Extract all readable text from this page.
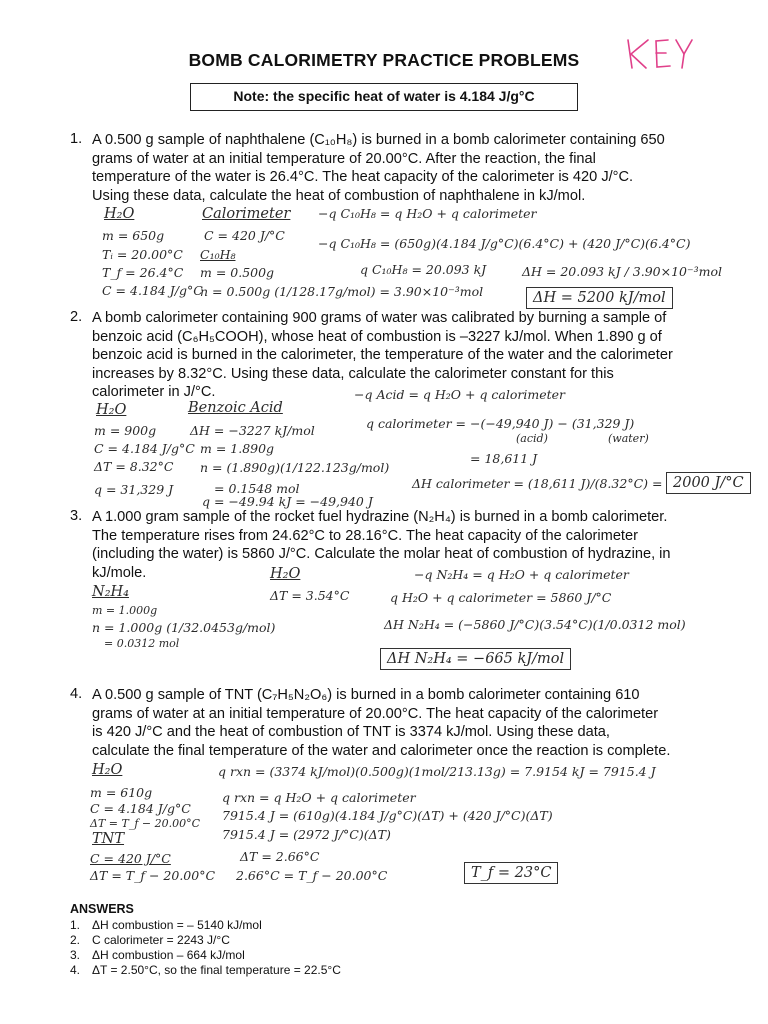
BOMB CALORIMETRY PRACTICE PROBLEMS
Note: the specific heat of water is 4.184 J/g°C
1. A 0.500 g sample of naphthalene (C₁₀H₈) is burned in a bomb calorimeter containing 650
grams of water at an initial temperature of 20.00°C. After the reaction, the final
temperature of the water is 26.4°C. The heat capacity of the calorimeter is 420 J/°C.
Using these data, calculate the heat of combustion of naphthalene in kJ/mol.
H₂O
m = 650g
Tᵢ = 20.00°C
T_f = 26.4°C
C = 4.184 J/g°C
Calorimeter
C = 420 J/°C
C₁₀H₈
m = 0.500g
n = 0.500g (1/128.17g/mol) = 3.90×10⁻³mol
−q C₁₀H₈ = q H₂O + q calorimeter
−q C₁₀H₈ = (650g)(4.184 J/g°C)(6.4°C) + (420 J/°C)(6.4°C)
q C₁₀H₈ = 20.093 kJ	ΔH = 20.093 kJ / 3.90×10⁻³mol
ΔH = 5200 kJ/mol
2. A bomb calorimeter containing 900 grams of water was calibrated by burning a sample of
benzoic acid (C₆H₅COOH), whose heat of combustion is –3227 kJ/mol. When 1.890 g of
benzoic acid is burned in the calorimeter, the temperature of the water and the calorimeter
increases by 8.32°C. Using these data, calculate the calorimeter constant for this
calorimeter in J/°C.
H₂O
m = 900g
C = 4.184 J/g°C
ΔT = 8.32°C
q = 31,329 J
Benzoic Acid
ΔH = −3227 kJ/mol
m = 1.890g
n = (1.890g)(1/122.123g/mol)
= 0.1548 mol
q = −49.94 kJ = −49,940 J
−q Acid = q H₂O + q calorimeter
q calorimeter = −(−49,940 J) − (31,329 J)
(acid)	(water)
= 18,611 J
ΔH calorimeter = (18,611 J)/(8.32°C) = 2000 J/°C
3. A 1.000 gram sample of the rocket fuel hydrazine (N₂H₄) is burned in a bomb calorimeter.
The temperature rises from 24.62°C to 28.16°C. The heat capacity of the calorimeter
(including the water) is 5860 J/°C. Calculate the molar heat of combustion of hydrazine, in
kJ/mole.
N₂H₄
m = 1.000g
n = 1.000g (1/32.0453g/mol)
= 0.0312 mol
H₂O
ΔT = 3.54°C
−q N₂H₄ = q H₂O + q calorimeter
q H₂O + q calorimeter = 5860 J/°C
ΔH N₂H₄ = (−5860 J/°C)(3.54°C)(1/0.0312 mol)
ΔH N₂H₄ = −665 kJ/mol
4. A 0.500 g sample of TNT (C₇H₅N₂O₆) is burned in a bomb calorimeter containing 610
grams of water at an initial temperature of 20.00°C. The heat capacity of the calorimeter
is 420 J/°C and the heat of combustion of TNT is 3374 kJ/mol. Using these data,
calculate the final temperature of the water and calorimeter once the reaction is complete.
H₂O
m = 610g
C = 4.184 J/g°C
ΔT = T_f − 20.00°C
TNT
C = 420 J/°C
ΔT = T_f − 20.00°C
q rxn = (3374 kJ/mol)(0.500g)(1mol/213.13g) = 7.9154 kJ = 7915.4 J
q rxn = q H₂O + q calorimeter
7915.4 J = (610g)(4.184 J/g°C)(ΔT) + (420 J/°C)(ΔT)
7915.4 J = (2972 J/°C)(ΔT)
ΔT = 2.66°C
2.66°C = T_f − 20.00°C	T_f = 23°C
ANSWERS
1. ΔH combustion = – 5140 kJ/mol
2. C calorimeter = 2243 J/°C
3. ΔH combustion – 664 kJ/mol
4. ΔT = 2.50°C, so the final temperature = 22.5°C
